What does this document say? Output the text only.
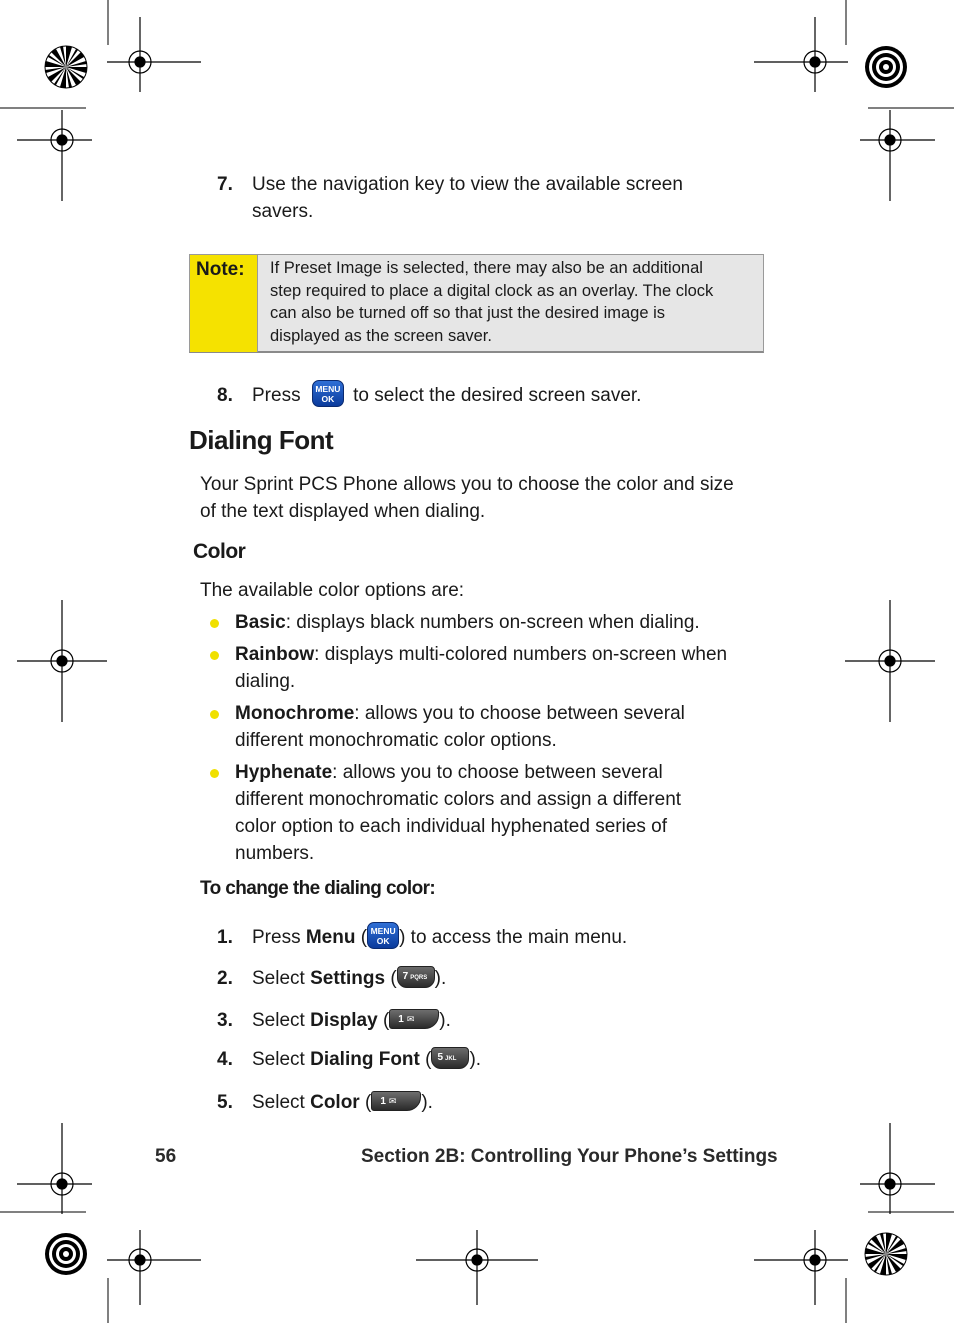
7. Use the navigation key to view the available screen

savers.

Note:	If Preset Image is selected, there may also be an additional

step required to place a digital clock as an overlay. The clock

can also be turned off so that just the desired image is

displayed as the screen saver.

8. Press MENU
OK to select the desired screen saver.
Dialing Font

Your Sprint PCS Phone allows you to choose the color and size

of the text displayed when dialing.

Color

The available color options are:

Basic: displays black numbers on-screen when dialing.

Rainbow: displays multi-colored numbers on-screen when

dialing.

Monochrome: allows you to choose between several

different monochromatic color options.

Hyphenate: allows you to choose between several

different monochromatic colors and assign a different

color option to each individual hyphenated series of

numbers.

To change the dialing color:
1. Press Menu ( MENU
OK ) to access the main menu.
2. Select Settings ( 7 PQRS ).
3. Select Display ( 1 ✉ ).
4. Select Dialing Font ( 5 JKL ).
5. Select Color ( 1 ✉ ).
56	Section 2B: Controlling Your Phone’s Settings
